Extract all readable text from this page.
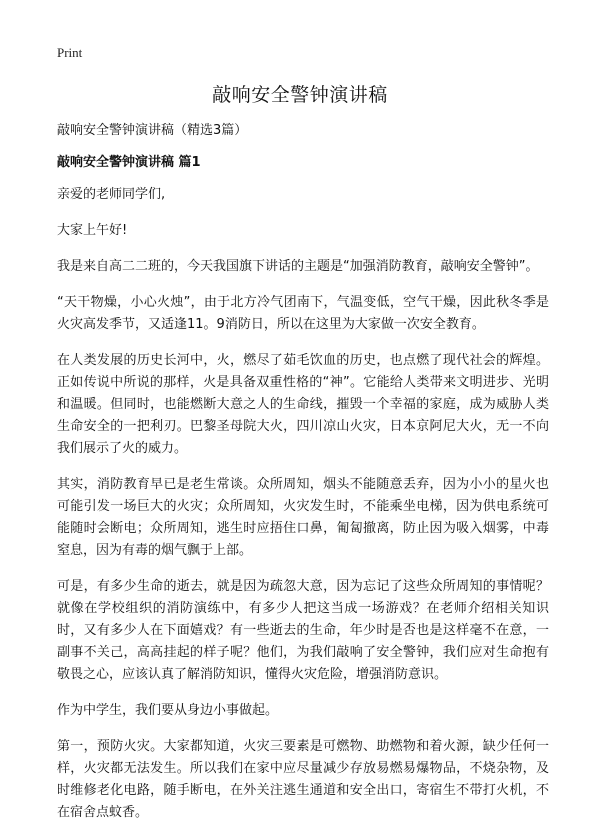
Print
敲响安全警钟演讲稿

敲响安全警钟演讲稿（精选3篇）

敲响安全警钟演讲稿 篇1

亲爱的老师同学们,

大家上午好!

我是来自高二二班的，今天我国旗下讲话的主题是“加强消防教育，敲响安全警钟”。

“天干物燥，小心火烛”，由于北方冷气团南下，气温变低，空气干燥，因此秋冬季是火灾高发季节，又适逢11。9消防日，所以在这里为大家做一次安全教育。

在人类发展的历史长河中，火，燃尽了茹毛饮血的历史，也点燃了现代社会的辉煌。正如传说中所说的那样，火是具备双重性格的“神”。它能给人类带来文明进步、光明和温暖。但同时，也能燃断大意之人的生命线，摧毁一个幸福的家庭，成为威胁人类生命安全的一把利刃。巴黎圣母院大火，四川凉山火灾，日本京阿尼大火，无一不向我们展示了火的威力。

其实，消防教育早已是老生常谈。众所周知，烟头不能随意丢弃，因为小小的星火也可能引发一场巨大的火灾；众所周知，火灾发生时，不能乘坐电梯，因为供电系统可能随时会断电；众所周知，逃生时应捂住口鼻，匍匐撤离，防止因为吸入烟雾，中毒窒息，因为有毒的烟气飘于上部。

可是，有多少生命的逝去，就是因为疏忽大意，因为忘记了这些众所周知的事情呢？就像在学校组织的消防演练中，有多少人把这当成一场游戏？在老师介绍相关知识时，又有多少人在下面嬉戏？有一些逝去的生命，年少时是否也是这样毫不在意，一副事不关己，高高挂起的样子呢？他们，为我们敲响了安全警钟，我们应对生命抱有敬畏之心，应该认真了解消防知识，懂得火灾危险，增强消防意识。

作为中学生，我们要从身边小事做起。

第一，预防火灾。大家都知道，火灾三要素是可燃物、助燃物和着火源，缺少任何一样，火灾都无法发生。所以我们在家中应尽量减少存放易燃易爆物品，不烧杂物，及时维修老化电路，随手断电，在外关注逃生通道和安全出口，寄宿生不带打火机，不在宿舍点蚊香。
